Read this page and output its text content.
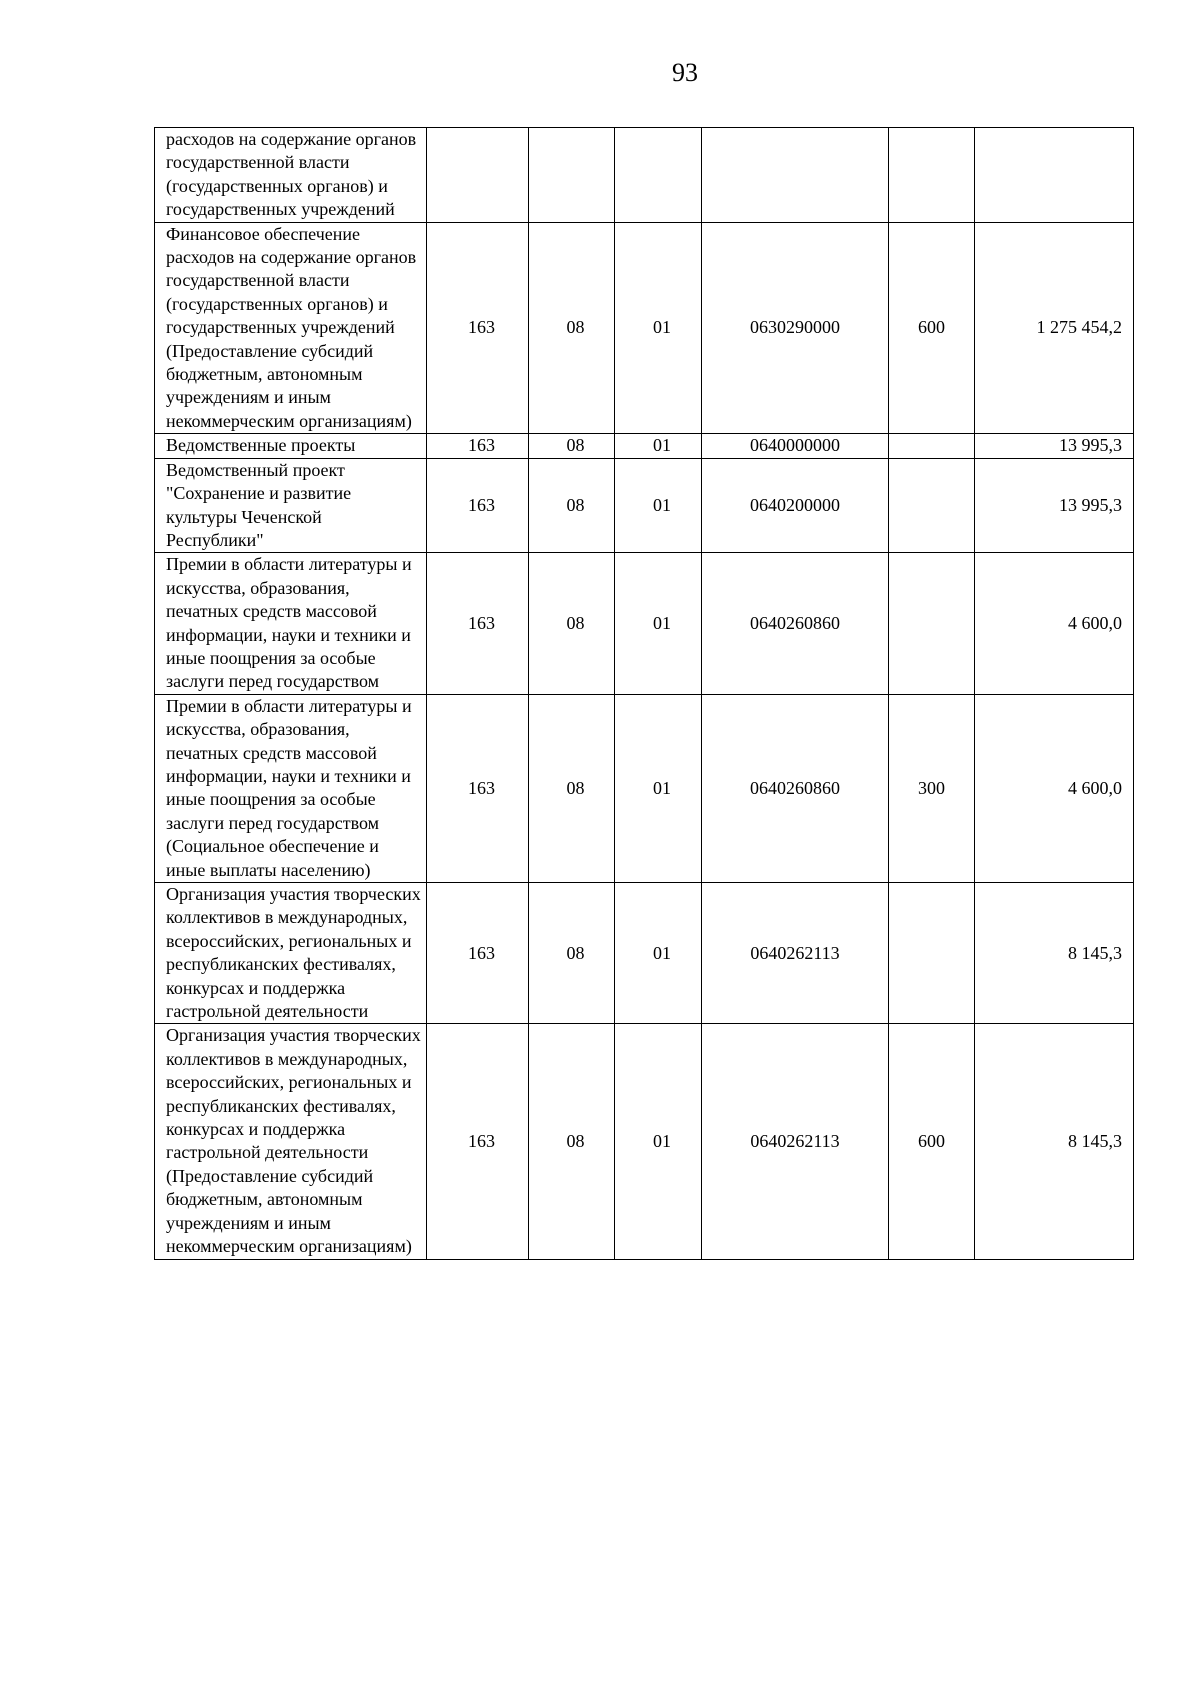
93
расходов на содержание органов государственной власти (государственных органов) и государственных учреждений						
Финансовое обеспечение расходов на содержание органов государственной власти (государственных органов) и государственных учреждений (Предоставление субсидий бюджетным, автономным учреждениям и иным некоммерческим организациям)	163	08	01	0630290000	600	1 275 454,2
Ведомственные проекты	163	08	01	0640000000		13 995,3
Ведомственный проект "Сохранение и развитие культуры Чеченской Республики"	163	08	01	0640200000		13 995,3
Премии в области литературы и искусства, образования, печатных средств массовой информации, науки и техники и иные поощрения за особые заслуги перед государством	163	08	01	0640260860		4 600,0
Премии в области литературы и искусства, образования, печатных средств массовой информации, науки и техники и иные поощрения за особые заслуги перед государством (Социальное обеспечение и иные выплаты населению)	163	08	01	0640260860	300	4 600,0
Организация участия творческих коллективов в международных, всероссийских, региональных и республиканских фестивалях, конкурсах и поддержка гастрольной деятельности	163	08	01	0640262113		8 145,3
Организация участия творческих коллективов в международных, всероссийских, региональных и республиканских фестивалях, конкурсах и поддержка гастрольной деятельности (Предоставление субсидий бюджетным, автономным учреждениям и иным некоммерческим организациям)	163	08	01	0640262113	600	8 145,3
